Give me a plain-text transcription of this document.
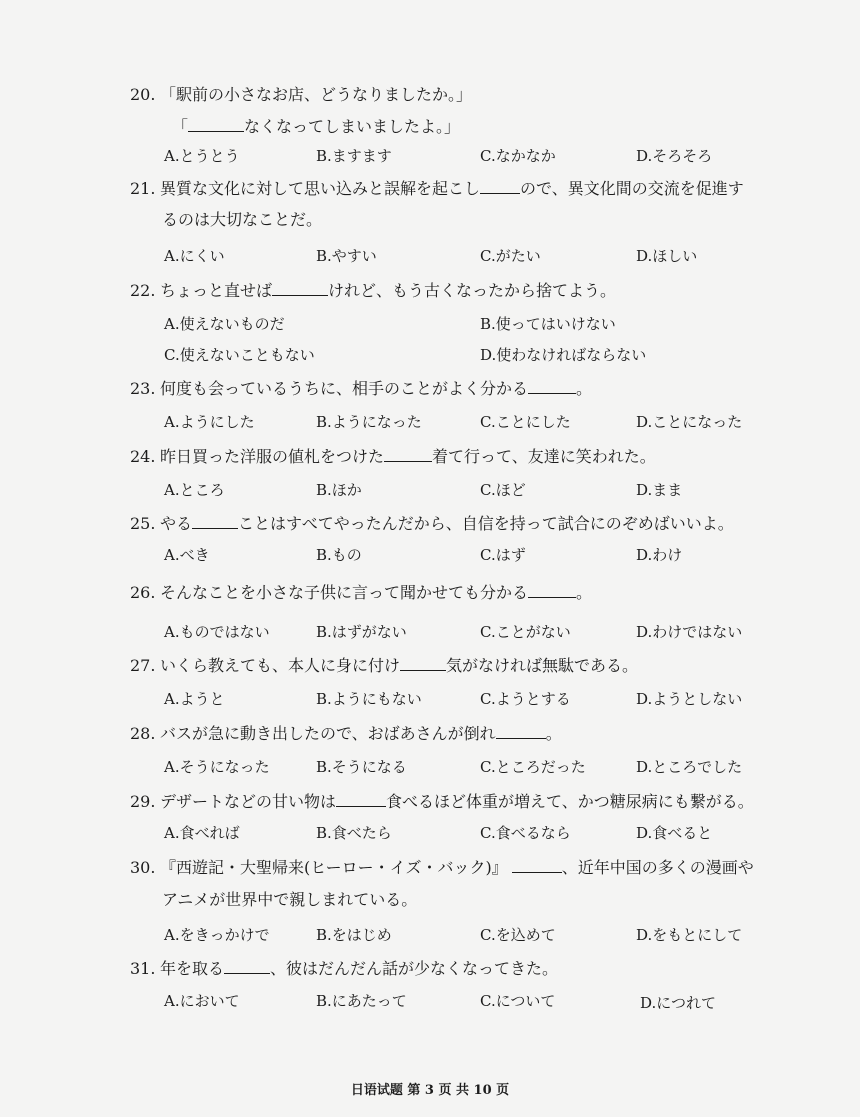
20. 「駅前の小さなお店、どうなりましたか。」
「	なくなってしまいましたよ。」
A.とうとう	B.ますます	C.なかなか	D.そろそろ
21. 異質な文化に対して思い込みと誤解を起こし	ので、異文化間の交流を促進す
るのは大切なことだ。
A.にくい	B.やすい	C.がたい	D.ほしい
22. ちょっと直せば	けれど、もう古くなったから捨てよう。
A.使えないものだ	B.使ってはいけない
C.使えないこともない	D.使わなければならない
23. 何度も会っているうちに、相手のことがよく分かる	。
A.ようにした	B.ようになった	C.ことにした	D.ことになった
24. 昨日買った洋服の値札をつけた	着て行って、友達に笑われた。
A.ところ	B.ほか	C.ほど	D.まま
25. やる	ことはすべてやったんだから、自信を持って試合にのぞめばいいよ。
A.べき	B.もの	C.はず	D.わけ
26. そんなことを小さな子供に言って聞かせても分かる	。
A.ものではない	B.はずがない	C.ことがない	D.わけではない
27. いくら教えても、本人に身に付け	気がなければ無駄である。
A.ようと	B.ようにもない	C.ようとする	D.ようとしない
28. バスが急に動き出したので、おばあさんが倒れ	。
A.そうになった	B.そうになる	C.ところだった	D.ところでした
29. デザートなどの甘い物は	食べるほど体重が増えて、かつ糖尿病にも繋がる。
A.食べれば	B.食べたら	C.食べるなら	D.食べると
30. 『西遊記・大聖帰来(ヒーロー・イズ・バック)』	、近年中国の多くの漫画や
アニメが世界中で親しまれている。
A.をきっかけで	B.をはじめ	C.を込めて	D.をもとにして
31. 年を取る	、彼はだんだん話が少なくなってきた。
A.において	B.にあたって	C.について	D.につれて
日语试题 第 3 页 共 10 页
